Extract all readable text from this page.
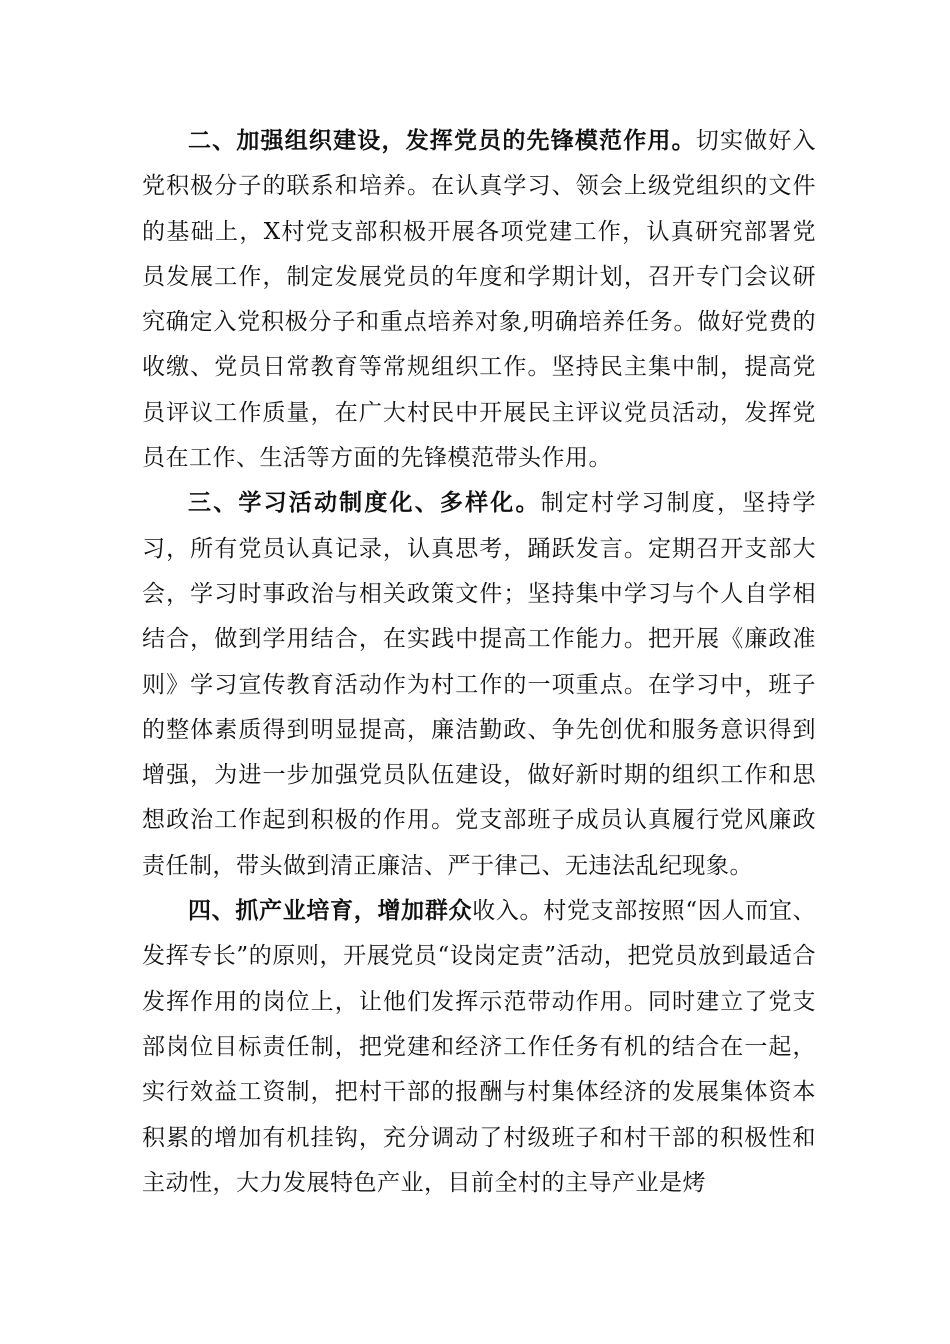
二、加强组织建设，发挥党员的先锋模范作用。切实做好入党积极分子的联系和培养。在认真学习、领会上级党组织的文件的基础上，X村党支部积极开展各项党建工作，认真研究部署党员发展工作，制定发展党员的年度和学期计划，召开专门会议研究确定入党积极分子和重点培养对象,明确培养任务。做好党费的收缴、党员日常教育等常规组织工作。坚持民主集中制，提高党员评议工作质量，在广大村民中开展民主评议党员活动，发挥党员在工作、生活等方面的先锋模范带头作用。

三、学习活动制度化、多样化。制定村学习制度，坚持学习，所有党员认真记录，认真思考，踊跃发言。定期召开支部大会，学习时事政治与相关政策文件；坚持集中学习与个人自学相结合，做到学用结合，在实践中提高工作能力。把开展《廉政准则》学习宣传教育活动作为村工作的一项重点。在学习中，班子的整体素质得到明显提高，廉洁勤政、争先创优和服务意识得到增强，为进一步加强党员队伍建设，做好新时期的组织工作和思想政治工作起到积极的作用。党支部班子成员认真履行党风廉政责任制，带头做到清正廉洁、严于律己、无违法乱纪现象。

四、抓产业培育，增加群众收入。村党支部按照“因人而宜、发挥专长”的原则，开展党员“设岗定责”活动，把党员放到最适合发挥作用的岗位上，让他们发挥示范带动作用。同时建立了党支部岗位目标责任制，把党建和经济工作任务有机的结合在一起，实行效益工资制，把村干部的报酬与村集体经济的发展集体资本积累的增加有机挂钩，充分调动了村级班子和村干部的积极性和主动性，大力发展特色产业，目前全村的主导产业是烤
